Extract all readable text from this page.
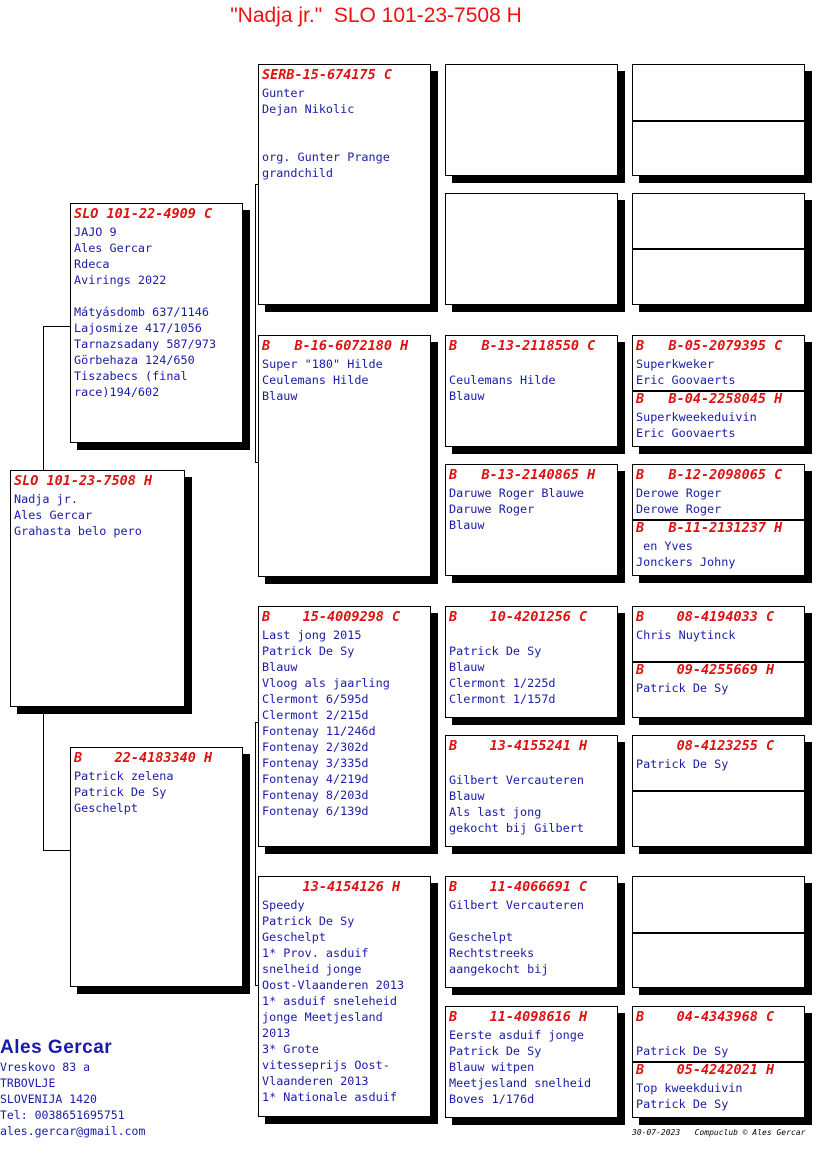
"Nadja jr."  SLO 101-23-7508 H
SLO 101-23-7508 H
Nadja jr.
Ales Gercar
Grahasta belo pero
SLO 101-22-4909 C
JAJO 9
Ales Gercar
Rdeca
Avirings 2022
Mátyásdomb 637/1146
Lajosmize 417/1056
Tarnazsadany 587/973
Görbehaza 124/650
Tiszabecs (final
race)194/602
B    22-4183340 H
Patrick zelena
Patrick De Sy
Geschelpt
SERB-15-674175 C
Gunter
Dejan Nikolic
org. Gunter Prange
grandchild
B   B-16-6072180 H
Super "180" Hilde
Ceulemans Hilde
Blauw
B    15-4009298 C
Last jong 2015
Patrick De Sy
Blauw
Vloog als jaarling
Clermont 6/595d
Clermont 2/215d
Fontenay 11/246d
Fontenay 2/302d
Fontenay 3/335d
Fontenay 4/219d
Fontenay 8/203d
Fontenay 6/139d
13-4154126 H
Speedy
Patrick De Sy
Geschelpt
1* Prov. asduif
snelheid jonge
Oost-Vlaanderen 2013
1* asduif sneleheid
jonge Meetjesland
2013
3* Grote
vitesseprijs Oost-
Vlaanderen 2013
1* Nationale asduif
B   B-13-2118550 C
Ceulemans Hilde
Blauw
B   B-13-2140865 H
Daruwe Roger Blauwe
Daruwe Roger
Blauw
B    10-4201256 C
Patrick De Sy
Blauw
Clermont 1/225d
Clermont 1/157d
B    13-4155241 H
Gilbert Vercauteren
Blauw
Als last jong
gekocht bij Gilbert
B    11-4066691 C
Gilbert Vercauteren
Geschelpt
Rechtstreeks
aangekocht bij
B    11-4098616 H
Eerste asduif jonge
Patrick De Sy
Blauw witpen
Meetjesland snelheid
Boves 1/176d
B   B-05-2079395 C
Superkweker
Eric Goovaerts
B   B-04-2258045 H
Superkweekeduivin
Eric Goovaerts
B   B-12-2098065 C
Derowe Roger
Derowe Roger
B   B-11-2131237 H
en Yves
Jonckers Johny
B    08-4194033 C
Chris Nuytinck
B    09-4255669 H
Patrick De Sy
08-4123255 C
Patrick De Sy
B    04-4343968 C
Patrick De Sy
B    05-4242021 H
Top kweekduivin
Patrick De Sy
Ales Gercar
Vreskovo 83 a
TRBOVLJE
SLOVENIJA 1420
Tel: 0038651695751
ales.gercar@gmail.com	30-07-2023   Compuclub © Ales Gercar
